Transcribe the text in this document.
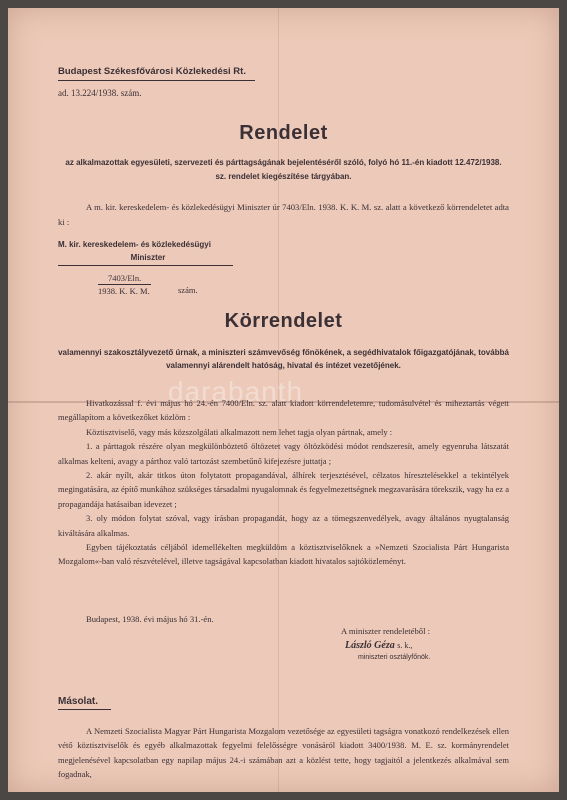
Budapest Székesfővárosi Közlekedési Rt.
ad. 13.224/1938. szám.
Rendelet
az alkalmazottak egyesületi, szervezeti és párttagságának bejelentéséről szóló, folyó hó 11.-én kiadott 12.472/1938. sz. rendelet kiegészítése tárgyában.
A m. kir. kereskedelem- és közlekedésügyi Miniszter úr 7403/Eln. 1938. K. K. M. sz. alatt a következő körrendeletet adta ki :
M. kir. kereskedelem- és közlekedésügyi
Miniszter
7403/Eln.
1938. K. K. M.	szám.
Körrendelet
valamennyi szakosztályvezető úrnak, a miniszteri számvevőség főnökének, a segédhivatalok főigazgatójának, továbbá valamennyi alárendelt hatóság, hivatal és intézet vezetőjének.
darabanth

Hivatkozással f. évi május hó 24.-én 7400/Eln. sz. alatt kiadott körrendeletemre, tudomásulvétel és miheztartás végett megállapítom a következőket közlöm :

Köztisztviselő, vagy más közszolgálati alkalmazott nem lehet tagja olyan pártnak, amely :

1. a párttagok részére olyan megkülönböztető öltözetet vagy öltözködési módot rendszeresít, amely egyenruha látszatát alkalmas kelteni, avagy a párthoz való tartozást szembetűnő kifejezésre juttatja ;

2. akár nyílt, akár titkos úton folytatott propagandával, álhírek terjesztésével, célzatos híresztelésekkel a tekintélyek megingatására, az építő munkához szükséges társadalmi nyugalomnak és fegyelmezettségnek megzavarására törekszik, vagy ha ez a propagandája hatásaiban idevezet ;

3. oly módon folytat szóval, vagy írásban propagandát, hogy az a tömegszenvedélyek, avagy általános nyugtalanság kiváltására alkalmas.

Egyben tájékoztatás céljából idemellékelten megküldöm a köztisztviselőknek a »Nemzeti Szocialista Párt Hungarista Mozgalom«-ban való részvételével, illetve tagságával kapcsolatban kiadott hivatalos sajtóközleményt.

Budapest, 1938. évi május hó 31.-én.
A miniszter rendeletéből :
László Géza s. k.,
miniszteri osztályfőnök.
Másolat.

A Nemzeti Szocialista Magyar Párt Hungarista Mozgalom vezetősége az egyesületi tagságra vonatkozó rendelkezések ellen vétő köztisztviselők és egyéb alkalmazottak fegyelmi felelősségre vonásáról kiadott 3400/1938. M. E. sz. kormányrendelet megjelenésével kapcsolatban egy napilap május 24.-i számában azt a közlést tette, hogy tagjaitól a jelentkezés alkalmával sem fogadnak,
